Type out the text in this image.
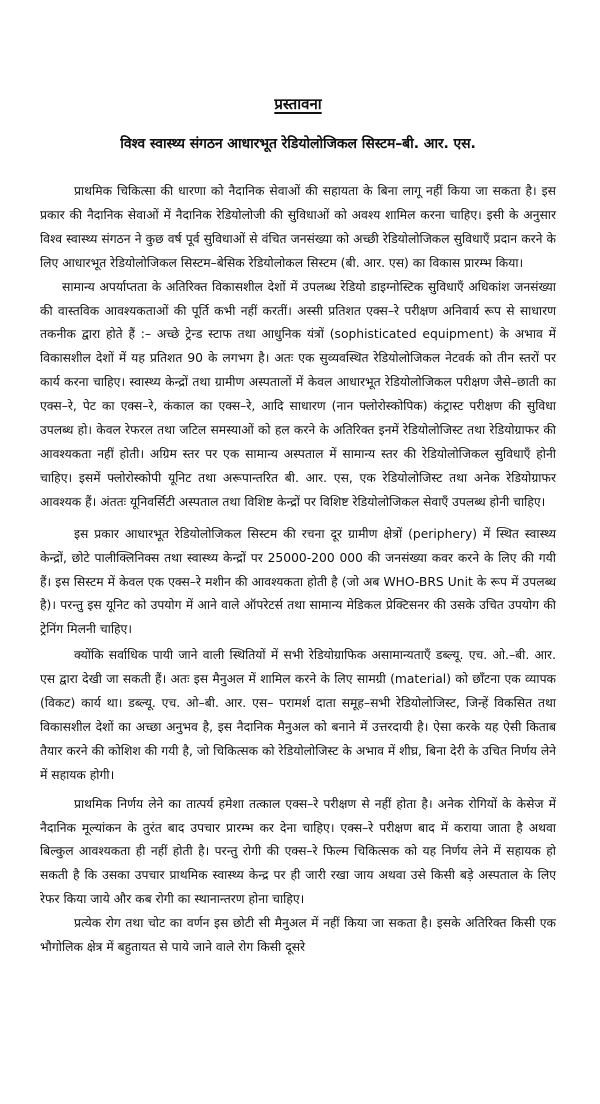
प्रस्तावना
विश्व स्वास्थ्य संगठन आधारभूत रेडियोलोजिकल सिस्टम–बी. आर. एस.

प्राथमिक चिकित्सा की धारणा को नैदानिक सेवाओं की सहायता के बिना लागू नहीं किया जा सकता है। इस प्रकार की नैदानिक सेवाओं में नैदानिक रेडियोलोजी की सुविधाओं को अवश्य शामिल करना चाहिए। इसी के अनुसार विश्व स्वास्थ्य संगठन ने कुछ वर्ष पूर्व सुविधाओं से वंचित जनसंख्या को अच्छी रेडियोलोजिकल सुविधाएँ प्रदान करने के लिए आधारभूत रेडियोलोजिकल सिस्टम–बेसिक रेडियोलोकल सिस्टम (बी. आर. एस) का विकास प्रारम्भ किया।

सामान्य अपर्याप्तता के अतिरिक्त विकासशील देशों में उपलब्ध रेडियो डाइग्नोस्टिक सुविधाएँ अधिकांश जनसंख्या की वास्तविक आवश्यकताओं की पूर्ति कभी नहीं करतीं। अस्सी प्रतिशत एक्स–रे परीक्षण अनिवार्य रूप से साधारण तकनीक द्वारा होते हैं :– अच्छे ट्रेन्ड स्टाफ तथा आधुनिक यंत्रों (sophisticated equipment) के अभाव में विकासशील देशों में यह प्रतिशत 90 के लगभग है। अतः एक सुव्यवस्थित रेडियोलोजिकल नेटवर्क को तीन स्तरों पर कार्य करना चाहिए। स्वास्थ्य केन्द्रों तथा ग्रामीण अस्पतालों में केवल आधारभूत रेडियोलोजिकल परीक्षण जैसे–छाती का एक्स–रे, पेट का एक्स–रे, कंकाल का एक्स–रे, आदि साधारण (नान फ्लोरोस्कोपिक) कंट्रास्ट परीक्षण की सुविधा उपलब्ध हो। केवल रेफरल तथा जटिल समस्याओं को हल करने के अतिरिक्त इनमें रेडियोलोजिस्ट तथा रेडियोग्राफर की आवश्यकता नहीं होती। अग्रिम स्तर पर एक सामान्य अस्पताल में सामान्य स्तर की रेडियोलोजिकल सुविधाएँ होनी चाहिए। इसमें फ्लोरोस्कोपी यूनिट तथा अरूपान्तरित बी. आर. एस, एक रेडियोलोजिस्ट तथा अनेक रेडियोग्राफर आवश्यक हैं। अंततः यूनिवर्सिटी अस्पताल तथा विशिष्ट केन्द्रों पर विशिष्ट रेडियोलोजिकल सेवाएँ उपलब्ध होनी चाहिए।

इस प्रकार आधारभूत रेडियोलोजिकल सिस्टम की रचना दूर ग्रामीण क्षेत्रों (periphery) में स्थित स्वास्थ्य केन्द्रों, छोटे पालीक्लिनिक्स तथा स्वास्थ्य केन्द्रों पर 25000-200 000 की जनसंख्या कवर करने के लिए की गयी हैं। इस सिस्टम में केवल एक एक्स–रे मशीन की आवश्यकता होती है (जो अब WHO-BRS Unit के रूप में उपलब्ध है)। परन्तु इस यूनिट को उपयोग में आने वाले ऑपरेटर्स तथा सामान्य मेडिकल प्रेक्टिसनर की उसके उचित उपयोग की ट्रेनिंग मिलनी चाहिए।

क्योंकि सर्वाधिक पायी जाने वाली स्थितियों में सभी रेडियोग्राफिक असामान्यताएँ डब्ल्यू. एच. ओ.–बी. आर. एस द्वारा देखी जा सकती हैं। अतः इस मैनुअल में शामिल करने के लिए सामग्री (material) को छाँटना एक व्यापक (विकट) कार्य था। डब्ल्यू. एच. ओ–बी. आर. एस– परामर्श दाता समूह–सभी रेडियोलोजिस्ट, जिन्हें विकसित तथा विकासशील देशों का अच्छा अनुभव है, इस नैदानिक मैनुअल को बनाने में उत्तरदायी है। ऐसा करके यह ऐसी किताब तैयार करने की कोशिश की गयी है, जो चिकित्सक को रेडियोलोजिस्ट के अभाव में शीघ्र, बिना देरी के उचित निर्णय लेने में सहायक होगी।

प्राथमिक निर्णय लेने का तात्पर्य हमेशा तत्काल एक्स–रे परीक्षण से नहीं होता है। अनेक रोगियों के केसेज में नैदानिक मूल्यांकन के तुरंत बाद उपचार प्रारम्भ कर देना चाहिए। एक्स–रे परीक्षण बाद में कराया जाता है अथवा बिल्कुल आवश्यकता ही नहीं होती है। परन्तु रोगी की एक्स–रे फिल्म चिकित्सक को यह निर्णय लेने में सहायक हो सकती है कि उसका उपचार प्राथमिक स्वास्थ्य केन्द्र पर ही जारी रखा जाय अथवा उसे किसी बड़े अस्पताल के लिए रेफर किया जाये और कब रोगी का स्थानान्तरण होना चाहिए।

प्रत्येक रोग तथा चोट का वर्णन इस छोटी सी मैनुअल में नहीं किया जा सकता है। इसके अतिरिक्त किसी एक भौगोलिक क्षेत्र में बहुतायत से पाये जाने वाले रोग किसी दूसरे
